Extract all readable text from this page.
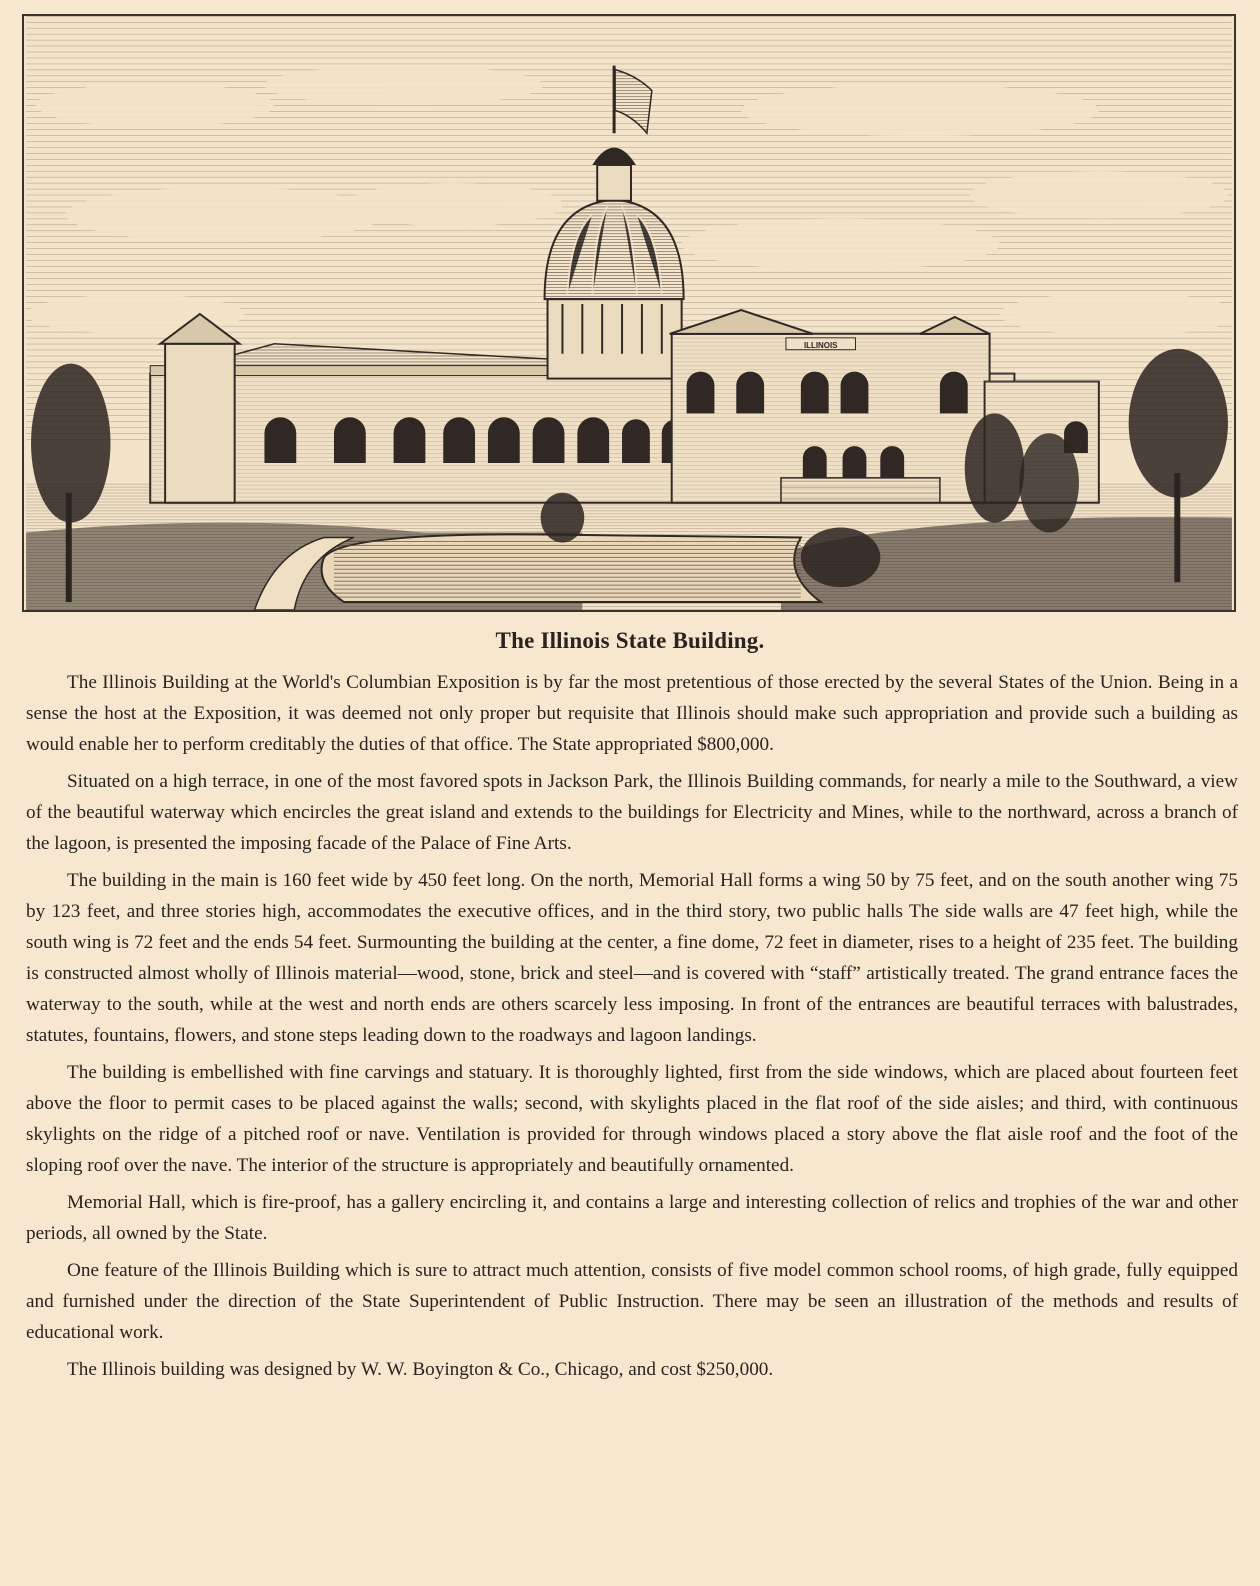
ILLINOIS
The Illinois State Building.

The Illinois Building at the World's Columbian Exposition is by far the most pretentious of those erected by the several States of the Union. Being in a sense the host at the Exposition, it was deemed not only proper but requisite that Illinois should make such appropriation and provide such a building as would enable her to perform creditably the duties of that office. The State appropriated $800,000.

Situated on a high terrace, in one of the most favored spots in Jackson Park, the Illinois Building commands, for nearly a mile to the Southward, a view of the beautiful waterway which encircles the great island and extends to the buildings for Electricity and Mines, while to the northward, across a branch of the lagoon, is presented the imposing facade of the Palace of Fine Arts.

The building in the main is 160 feet wide by 450 feet long. On the north, Memorial Hall forms a wing 50 by 75 feet, and on the south another wing 75 by 123 feet, and three stories high, accommodates the executive offices, and in the third story, two public halls The side walls are 47 feet high, while the south wing is 72 feet and the ends 54 feet. Surmounting the building at the center, a fine dome, 72 feet in diameter, rises to a height of 235 feet. The building is constructed almost wholly of Illinois material—wood, stone, brick and steel—and is covered with “staff” artistically treated. The grand entrance faces the waterway to the south, while at the west and north ends are others scarcely less imposing. In front of the entrances are beautiful terraces with balustrades, statutes, fountains, flowers, and stone steps leading down to the roadways and lagoon landings.

The building is embellished with fine carvings and statuary. It is thoroughly lighted, first from the side windows, which are placed about fourteen feet above the floor to permit cases to be placed against the walls; second, with skylights placed in the flat roof of the side aisles; and third, with continuous skylights on the ridge of a pitched roof or nave. Ventilation is provided for through windows placed a story above the flat aisle roof and the foot of the sloping roof over the nave. The interior of the structure is appropriately and beautifully ornamented.

Memorial Hall, which is fire-proof, has a gallery encircling it, and contains a large and interesting collection of relics and trophies of the war and other periods, all owned by the State.

One feature of the Illinois Building which is sure to attract much attention, consists of five model common school rooms, of high grade, fully equipped and furnished under the direction of the State Superintendent of Public Instruction. There may be seen an illustration of the methods and results of educational work.

The Illinois building was designed by W. W. Boyington & Co., Chicago, and cost $250,000.
